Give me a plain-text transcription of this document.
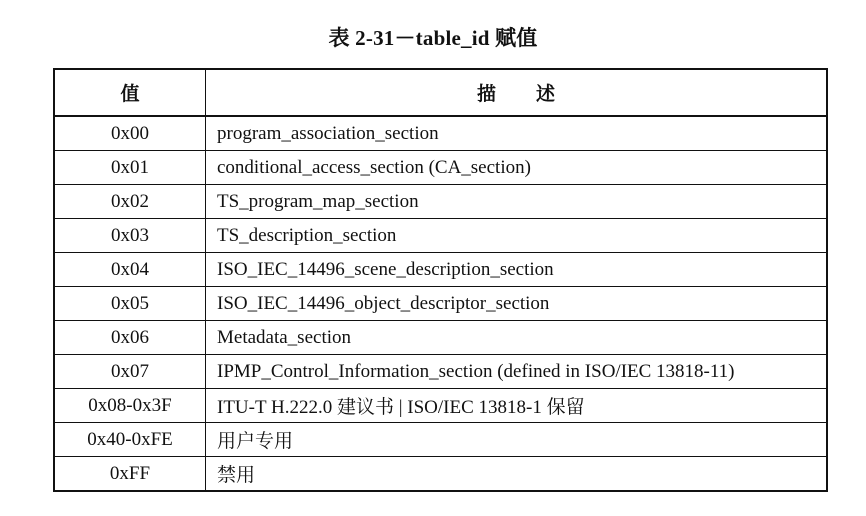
表 2-31－table_id 赋值
值	描 述
0x00	program_association_section
0x01	conditional_access_section (CA_section)
0x02	TS_program_map_section
0x03	TS_description_section
0x04	ISO_IEC_14496_scene_description_section
0x05	ISO_IEC_14496_object_descriptor_section
0x06	Metadata_section
0x07	IPMP_Control_Information_section (defined in ISO/IEC 13818-11)
0x08-0x3F	ITU-T H.222.0 建议书 | ISO/IEC 13818-1 保留
0x40-0xFE	用户专用
0xFF	禁用
